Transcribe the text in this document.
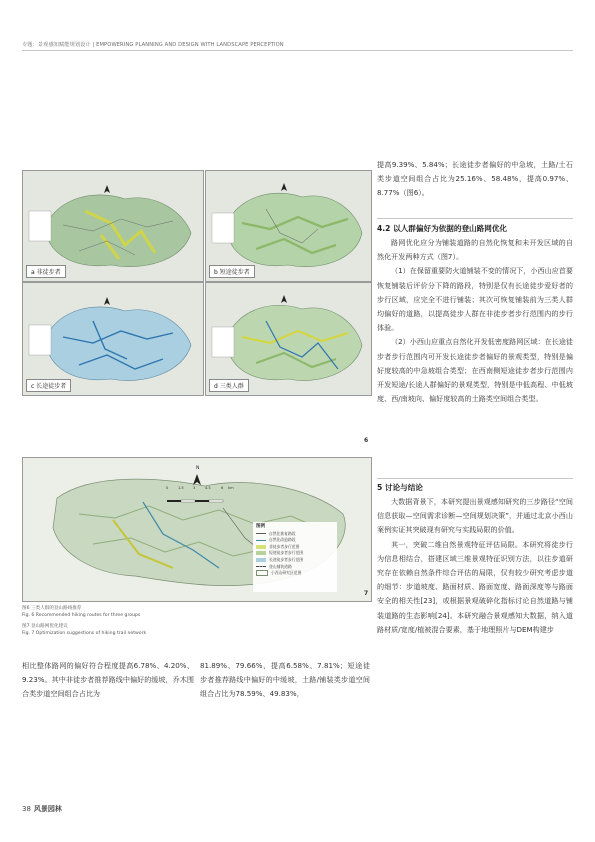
专题：景观感知赋能规划设计 | EMPOWERING PLANNING AND DESIGN WITH LANDSCAPE PERCEPTION
a 非徒步者	b 短途徒步者
c 长途徒步者	d 三类人群
6
N
0	1.5	3	4.5	6 km
图例
自然化恢复路段
自然化改造路段
非徒步者步行范围
短途徒步者步行范围
长途徒步者步行范围
登山铺装道路
小西山研究区范围
7
图6 三类人群的登山路线推荐
Fig. 6 Recommended hiking routes for three groups
图7 登山路网优化建议
Fig. 7 Optimization suggestions of hiking trail network

提高9.39%、5.84%；长途徒步者偏好的中急坡，土路/土石类步道空间组合占比为25.16%、58.48%，提高0.97%、8.77%（图6）。

4.2 以人群偏好为依据的登山路网优化

路网优化应分为铺装道路的自然化恢复和未开发区域的自然化开发两种方式（图7）。

（1）在保留重要防火道铺装不变的情况下，小西山应首要恢复铺装后评价分下降的路段，特别是仅有长途徒步爱好者的步行区域，应完全不进行铺装；其次可恢复铺装前为三类人群均偏好的道路，以提高徒步人群在非徒步者步行范围内的步行体验。

（2）小西山应重点自然化开发低密度路网区域：在长途徒步者步行范围内可开发长途徒步者偏好的景观类型，特别是偏好度较高的中急坡组合类型；在西南侧短途徒步者步行范围内开发短途/长途人群偏好的景观类型，特别是中低高程、中低坡度、西/南坡向、偏好度较高的土路类空间组合类型。

5 讨论与结论

大数据背景下，本研究提出景观感知研究的三步路径“空间信息获取—空间需求诊断—空间规划决策”，并通过北京小西山案例实证其突破现有研究与实践局限的价值。

其一，突破二维自然景观特征评估局限。本研究将徒步行为信息相结合，搭建区域三维景观特征识别方法，以往步道研究存在依赖自然条件综合评估的局限，仅有较少研究考虑步道的细节：步道坡度、路面材质、路面宽度、路面深度等与路面安全的相关性[23]，或根据景观破碎化指标讨论自然道路与铺装道路的生态影响[24]。本研究融合景观感知大数据，纳入道路材质/宽度/植被混合要素，基于地理照片与DEM构建步

相比整体路网的偏好符合程度提高6.78%、4.20%、9.23%。其中非徒步者推荐路线中偏好的缓坡，乔木围合类步道空间组合占比为

81.89%、79.66%，提高6.58%、7.81%；短途徒步者推荐路线中偏好的中缓坡，土路/铺装类步道空间组合占比为78.59%、49.83%，

38 风景园林
